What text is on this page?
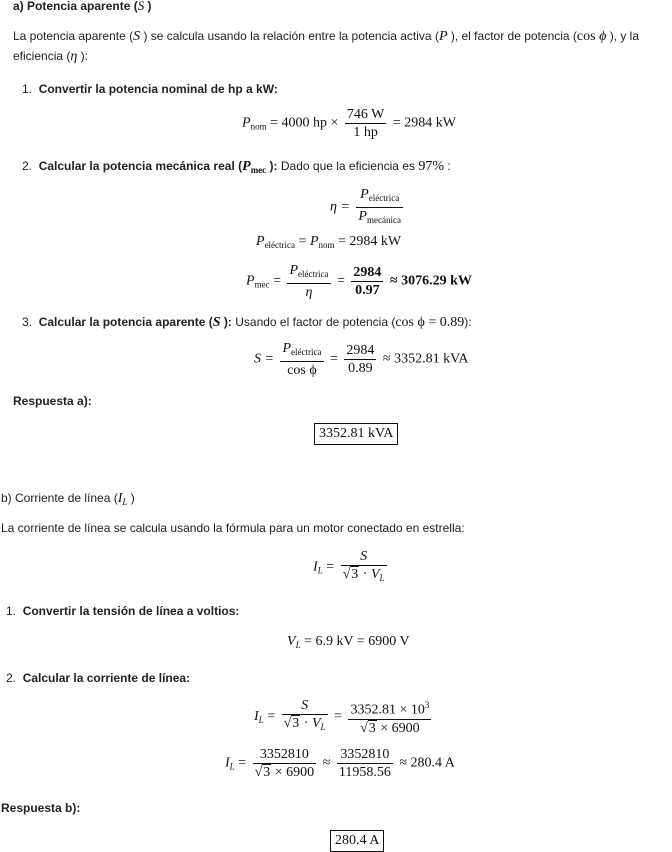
a) Potencia aparente (S )
La potencia aparente (S ) se calcula usando la relación entre la potencia activa (P ), el factor de potencia (cos ϕ ), y la
eficiencia (η ):
1. Convertir la potencia nominal de hp a kW:
$P_{nom} = 4000$ hp × $\frac{746 W}{1 hp} = 2984$ kW
2. Calcular la potencia mecánica real ($P_{mec}$ ): Dado que la eficiencia es 97% :
$\eta = \frac{P_{eléctrica}}{P_{mecánica}}$
$P_{eléctrica} = P_{nom} = 2984$ kW
$P_{mec} = \frac{P_{eléctrica}}{\eta} = \frac{2984}{0.97} \approx 3076.29$ kW
3. Calcular la potencia aparente (S ): Usando el factor de potencia (cos ϕ = 0.89):
$S = \frac{P_{eléctrica}}{\text{cos ϕ}} = \frac{2984}{0.89} \approx 3352.81$ kVA
Respuesta a):
3352.81 kVA
b) Corriente de línea ($I_L$ )
La corriente de línea se calcula usando la fórmula para un motor conectado en estrella:
$I_L = \frac{S}{√3 \cdot V_L}$
1. Convertir la tensión de línea a voltios:
$V_L = 6.9$ kV = 6900 V
2. Calcular la corriente de línea:
$I_L = \frac{S}{√3 \cdot V_L} = \frac{3352.81 \times 10^3}{√3 \times 6900}$
$I_L = \frac{3352810}{√3 \times 6900} \approx \frac{3352810}{11958.56} \approx 280.4$ A
Respuesta b):
280.4 A
